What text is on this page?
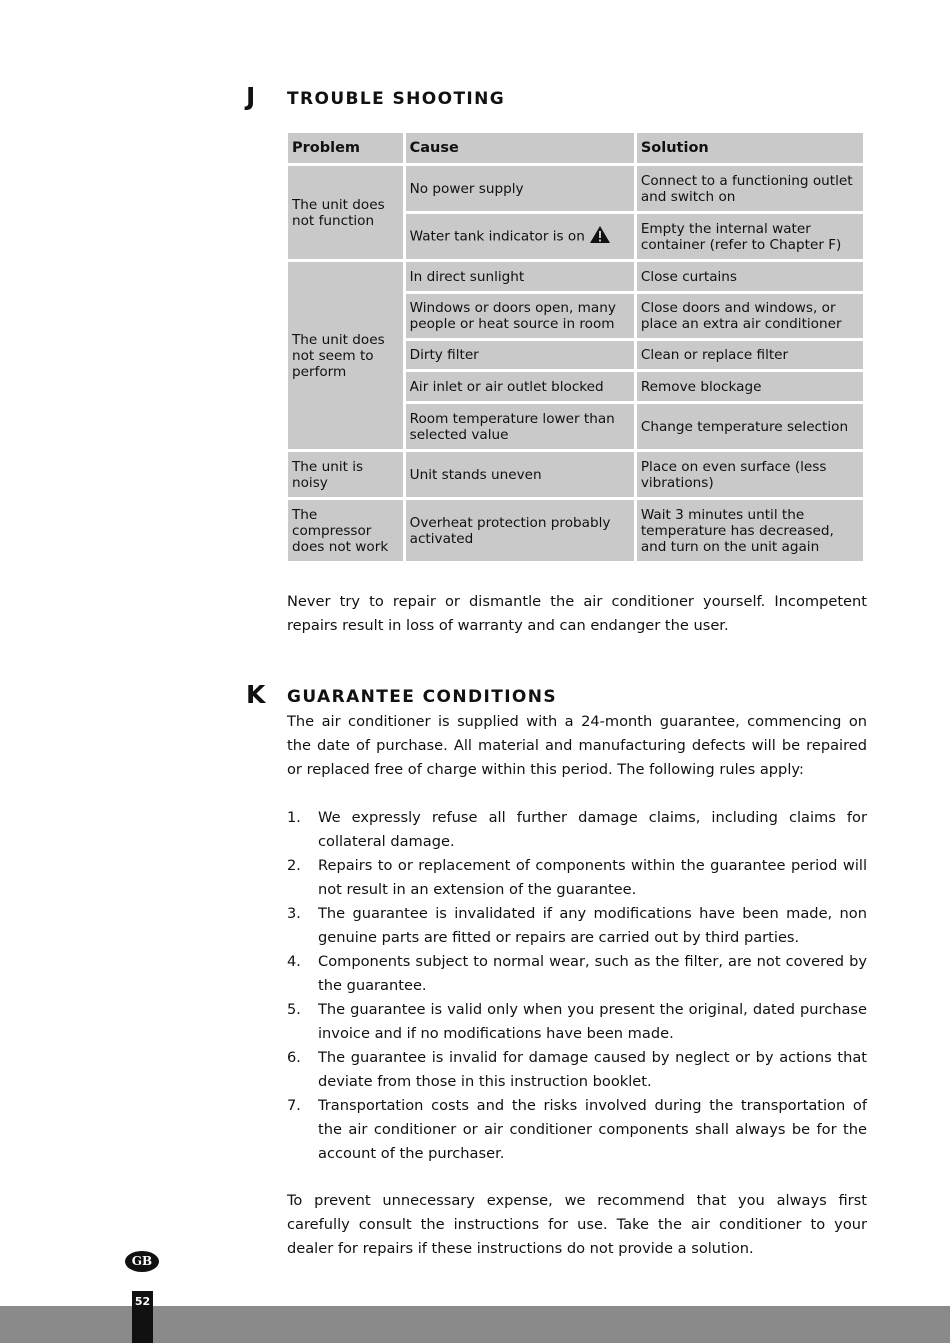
J TROUBLE SHOOTING
Problem	Cause	Solution
The unit does not function	No power supply	Connect to a functioning outlet and switch on
	Water tank indicator is on	Empty the internal water container (refer to Chapter F)
The unit does not seem to perform	In direct sunlight	Close curtains
	Windows or doors open, many people or heat source in room	Close doors and windows, or place an extra air conditioner
	Dirty filter	Clean or replace filter
	Air inlet or air outlet blocked	Remove blockage
	Room temperature lower than selected value	Change temperature selection
The unit is noisy	Unit stands uneven	Place on even surface (less vibrations)
The compressor does not work	Overheat protection probably activated	Wait 3 minutes until the temperature has decreased, and turn on the unit again

Never try to repair or dismantle the air conditioner yourself. Incompetent repairs result in loss of warranty and can endanger the user.

K GUARANTEE CONDITIONS

The air conditioner is supplied with a 24-month guarantee, commencing on the date of purchase. All material and manufacturing defects will be repaired or replaced free of charge within this period. The following rules apply:

1. We expressly refuse all further damage claims, including claims for collateral damage.
2. Repairs to or replacement of components within the guarantee period will not result in an extension of the guarantee.
3. The guarantee is invalidated if any modifications have been made, non genuine parts are fitted or repairs are carried out by third parties.
4. Components subject to normal wear, such as the filter, are not covered by the guarantee.
5. The guarantee is valid only when you present the original, dated purchase invoice and if no modifications have been made.
6. The guarantee is invalid for damage caused by neglect or by actions that deviate from those in this instruction booklet.
7. Transportation costs and the risks involved during the transportation of the air conditioner or air conditioner components shall always be for the account of the purchaser.

To prevent unnecessary expense, we recommend that you always first carefully consult the instructions for use. Take the air conditioner to your dealer for repairs if these instructions do not provide a solution.

GB
52
